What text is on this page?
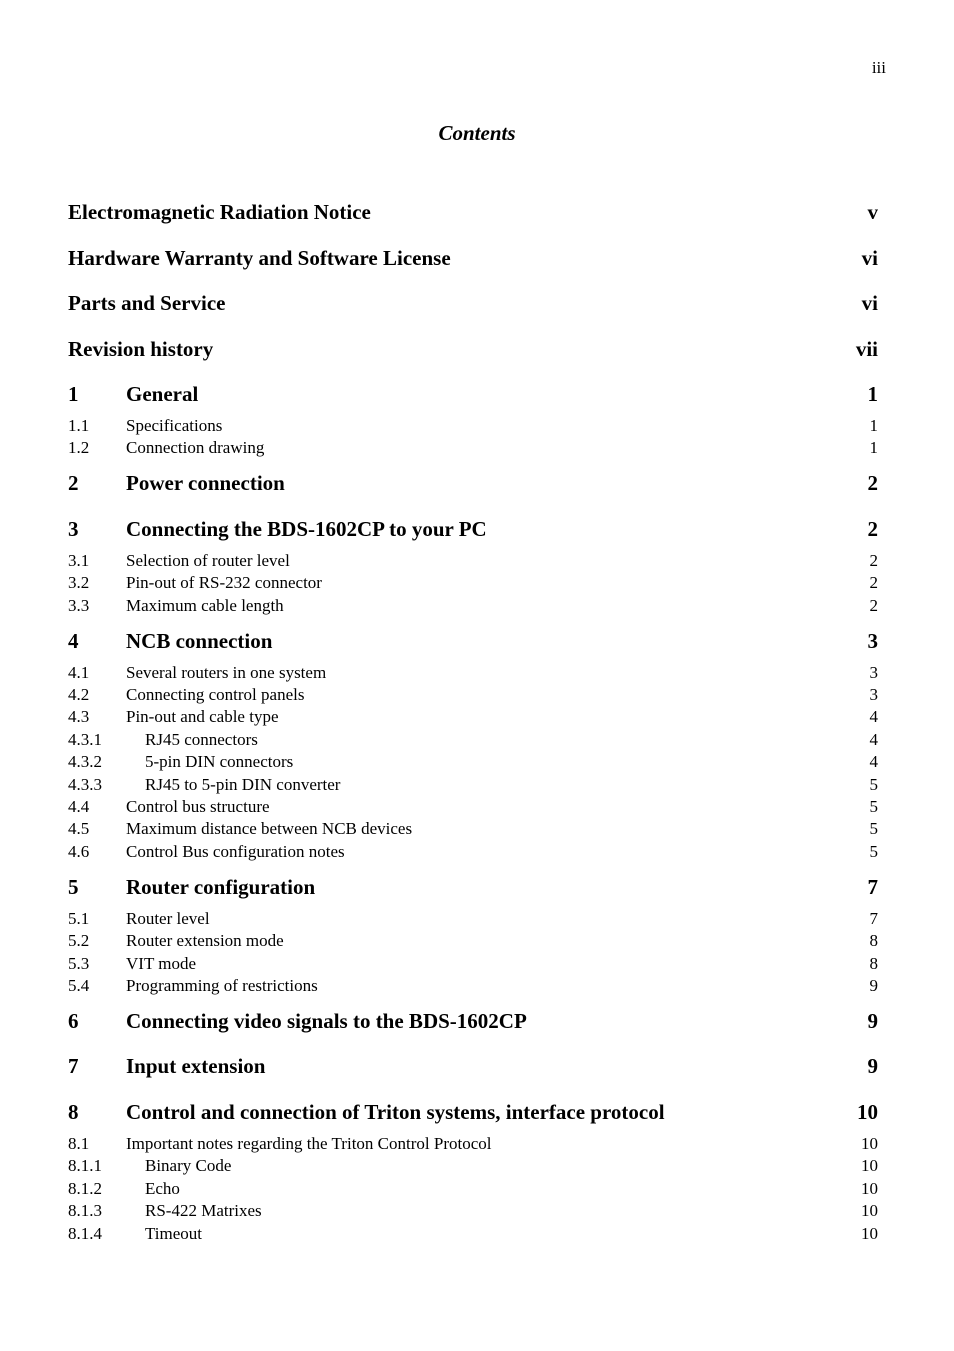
iii
Contents
Electromagnetic Radiation Notice	v
Hardware Warranty and Software License	vi
Parts and Service	vi
Revision history	vii
1	General	1
1.1	Specifications	1
1.2	Connection drawing	1
2	Power connection	2
3	Connecting the BDS-1602CP to your PC	2
3.1	Selection of router level	2
3.2	Pin-out of RS-232 connector	2
3.3	Maximum cable length	2
4	NCB connection	3
4.1	Several routers in one system	3
4.2	Connecting control panels	3
4.3	Pin-out and cable type	4
4.3.1	RJ45 connectors	4
4.3.2	5-pin DIN connectors	4
4.3.3	RJ45 to 5-pin DIN converter	5
4.4	Control bus structure	5
4.5	Maximum distance between NCB devices	5
4.6	Control Bus configuration notes	5
5	Router configuration	7
5.1	Router level	7
5.2	Router extension mode	8
5.3	VIT mode	8
5.4	Programming of restrictions	9
6	Connecting video signals to the BDS-1602CP	9
7	Input extension	9
8	Control and connection of Triton systems, interface protocol	10
8.1	Important notes regarding the Triton Control Protocol	10
8.1.1	Binary Code	10
8.1.2	Echo	10
8.1.3	RS-422 Matrixes	10
8.1.4	Timeout	10
